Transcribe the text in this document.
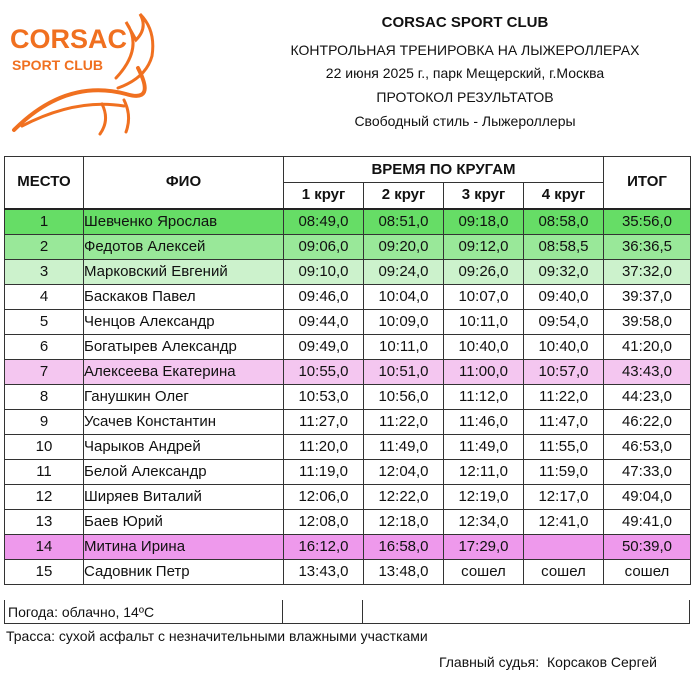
CORSAC
SPORT CLUB
CORSAC SPORT CLUB
КОНТРОЛЬНАЯ ТРЕНИРОВКА НА ЛЫЖЕРОЛЛЕРАХ
22 июня 2025 г., парк Мещерский, г.Москва
ПРОТОКОЛ РЕЗУЛЬТАТОВ
Свободный стиль - Лыжероллеры
МЕСТО	ФИО	ВРЕМЯ ПО КРУГАМ				ИТОГ
		1 круг	2 круг	3 круг	4 круг	
1	Шевченко Ярослав	08:49,0	08:51,0	09:18,0	08:58,0	35:56,0
2	Федотов Алексей	09:06,0	09:20,0	09:12,0	08:58,5	36:36,5
3	Марковский Евгений	09:10,0	09:24,0	09:26,0	09:32,0	37:32,0
4	Баскаков Павел	09:46,0	10:04,0	10:07,0	09:40,0	39:37,0
5	Ченцов Александр	09:44,0	10:09,0	10:11,0	09:54,0	39:58,0
6	Богатырев Александр	09:49,0	10:11,0	10:40,0	10:40,0	41:20,0
7	Алексеева Екатерина	10:55,0	10:51,0	11:00,0	10:57,0	43:43,0
8	Ганушкин Олег	10:53,0	10:56,0	11:12,0	11:22,0	44:23,0
9	Усачев Константин	11:27,0	11:22,0	11:46,0	11:47,0	46:22,0
10	Чарыков Андрей	11:20,0	11:49,0	11:49,0	11:55,0	46:53,0
11	Белой Александр	11:19,0	12:04,0	12:11,0	11:59,0	47:33,0
12	Ширяев Виталий	12:06,0	12:22,0	12:19,0	12:17,0	49:04,0
13	Баев Юрий	12:08,0	12:18,0	12:34,0	12:41,0	49:41,0
14	Митина Ирина	16:12,0	16:58,0	17:29,0		50:39,0
15	Садовник Петр	13:43,0	13:48,0	сошел	сошел	сошел
Погода: облачно, 14ºС
Трасса: сухой асфальт с незначительными влажными участками
Главный судья: Корсаков Сергей
